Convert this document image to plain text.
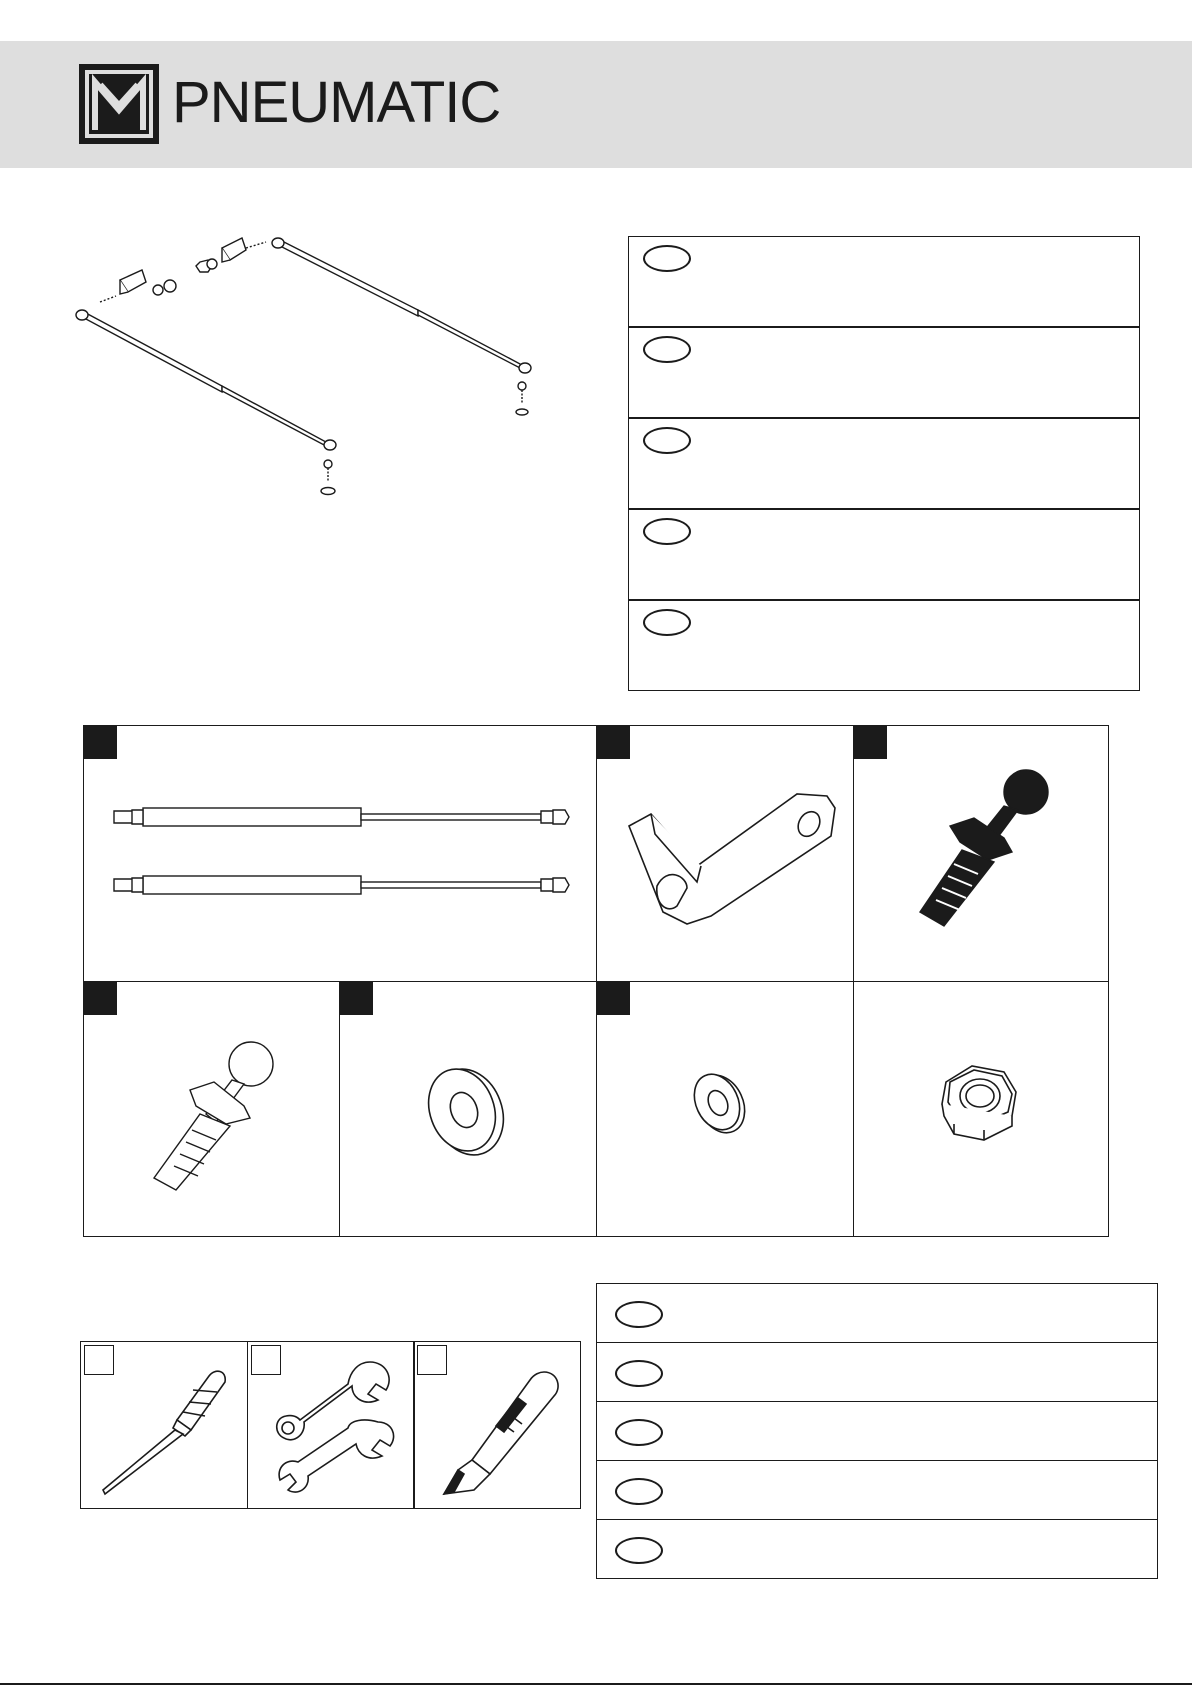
PNEUMATIC
